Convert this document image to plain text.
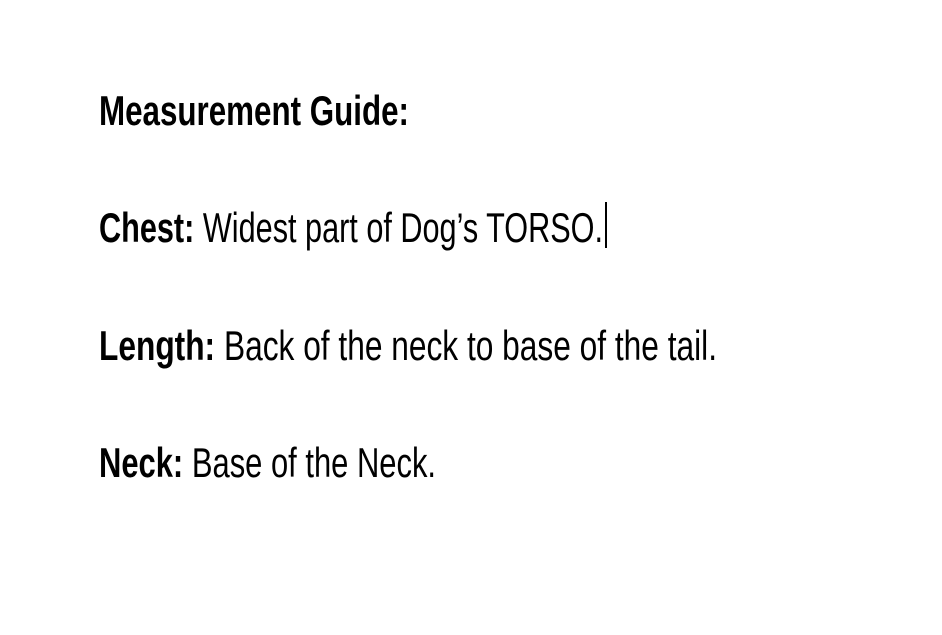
Measurement Guide:
Chest: Widest part of Dog’s TORSO.
Length: Back of the neck to base of the tail.
Neck: Base of the Neck.
